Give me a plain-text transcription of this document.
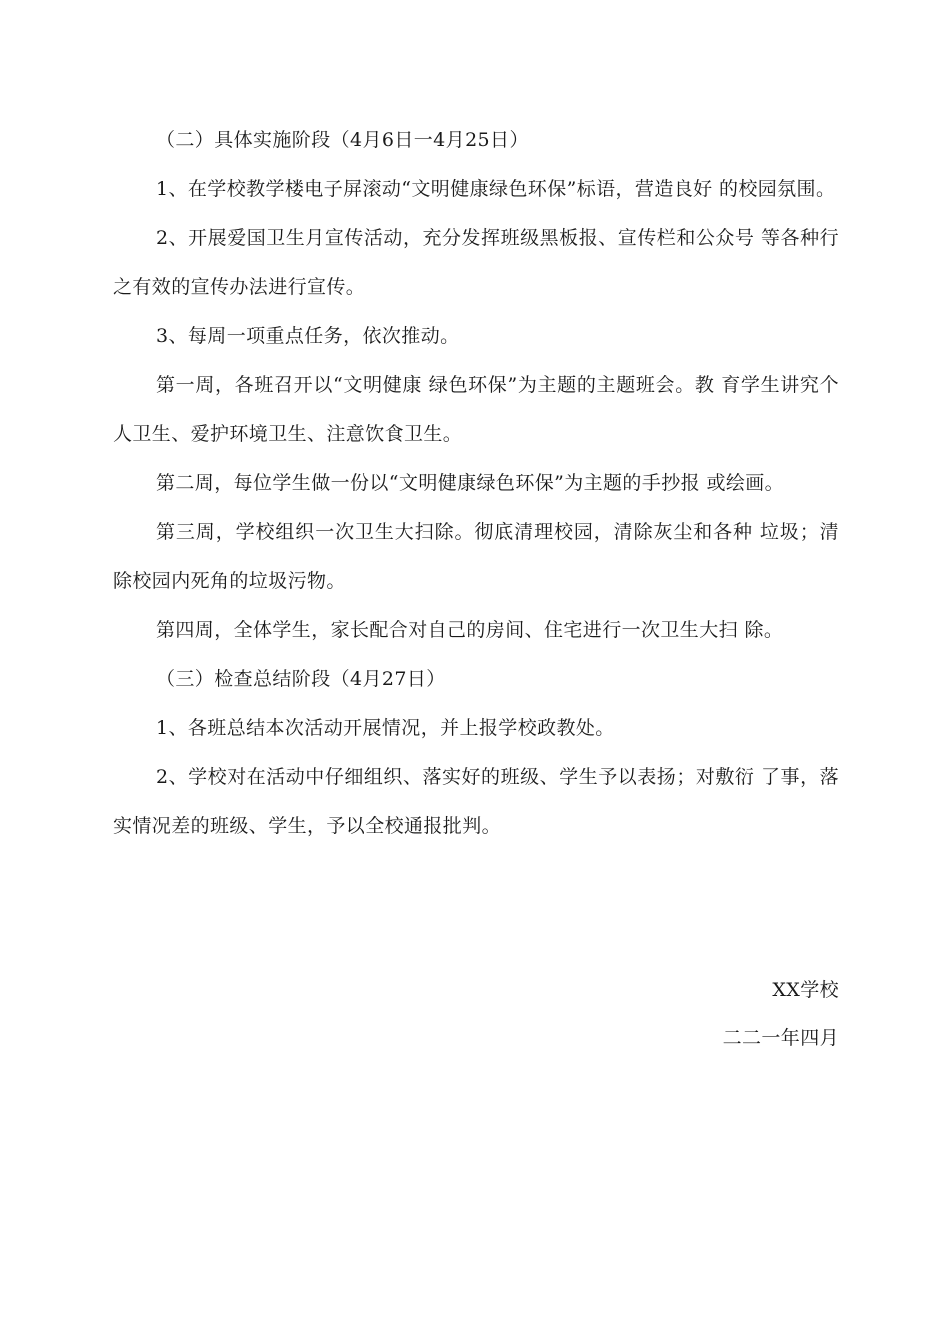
（二）具体实施阶段（4月6日一4月25日）

1、在学校教学楼电子屏滚动“文明健康绿色环保”标语，营造良好 的校园氛围。

2、开展爱国卫生月宣传活动，充分发挥班级黑板报、宣传栏和公众号 等各种行之有效的宣传办法进行宣传。

3、每周一项重点任务，依次推动。

第一周，各班召开以“文明健康 绿色环保”为主题的主题班会。教 育学生讲究个人卫生、爱护环境卫生、注意饮食卫生。

第二周，每位学生做一份以“文明健康绿色环保”为主题的手抄报 或绘画。

第三周，学校组织一次卫生大扫除。彻底清理校园，清除灰尘和各种 垃圾；清除校园内死角的垃圾污物。

第四周，全体学生，家长配合对自己的房间、住宅进行一次卫生大扫 除。

（三）检查总结阶段（4月27日）

1、各班总结本次活动开展情况，并上报学校政教处。

2、学校对在活动中仔细组织、落实好的班级、学生予以表扬；对敷衍 了事，落实情况差的班级、学生，予以全校通报批判。

XX学校
二二一年四月
